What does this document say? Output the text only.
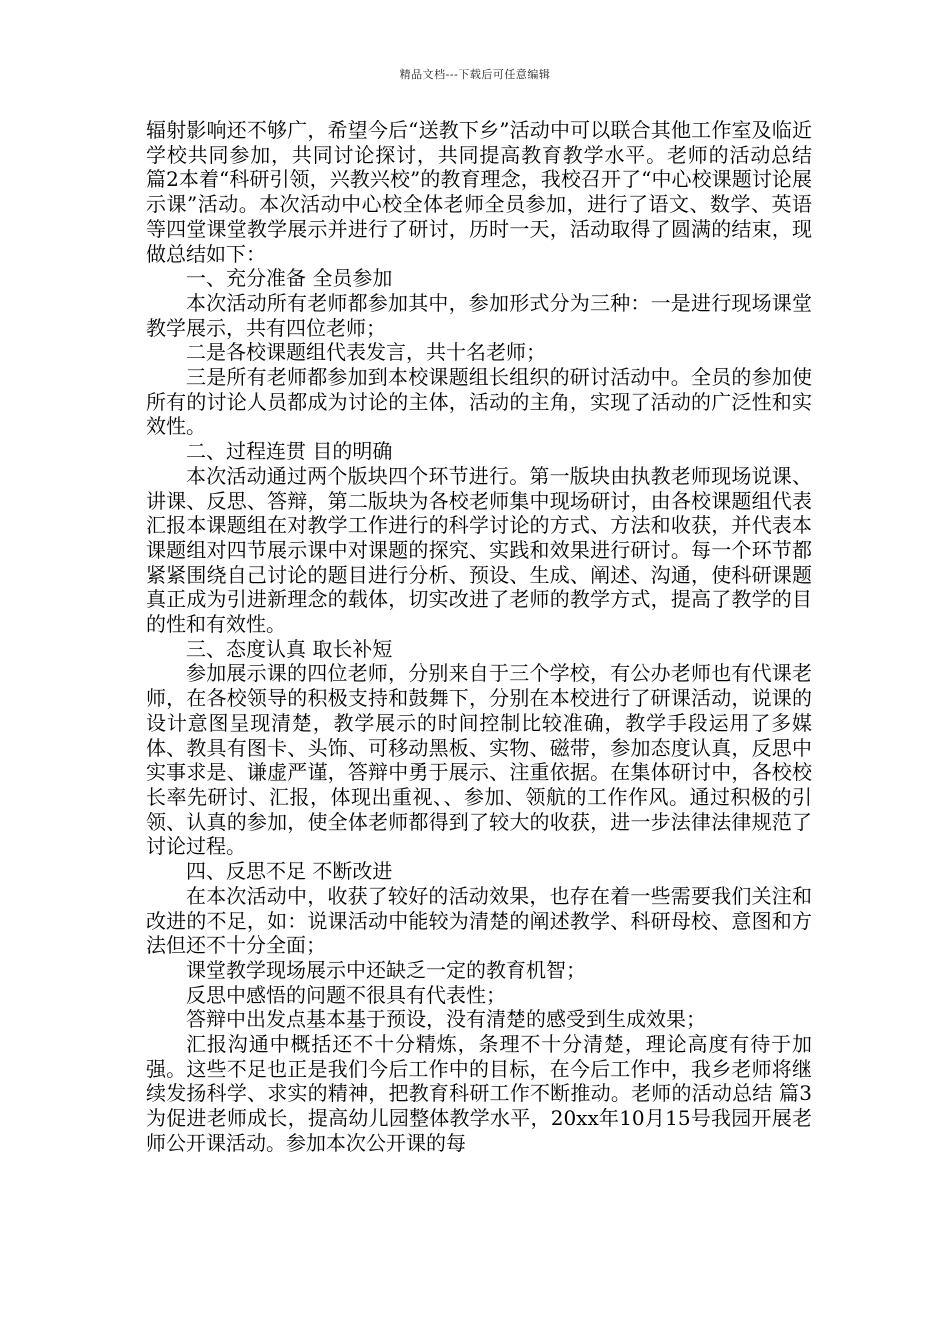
精品文档---下载后可任意编辑

辐射影响还不够广，希望今后“送教下乡”活动中可以联合其他工作室及临近学校共同参加，共同讨论探讨，共同提高教育教学水平。老师的活动总结 篇2本着“科研引领，兴教兴校”的教育理念，我校召开了“中心校课题讨论展示课”活动。本次活动中心校全体老师全员参加，进行了语文、数学、英语等四堂课堂教学展示并进行了研讨，历时一天，活动取得了圆满的结束，现做总结如下：

一、充分准备 全员参加

本次活动所有老师都参加其中，参加形式分为三种：一是进行现场课堂教学展示，共有四位老师；

二是各校课题组代表发言，共十名老师；

三是所有老师都参加到本校课题组长组织的研讨活动中。全员的参加使所有的讨论人员都成为讨论的主体，活动的主角，实现了活动的广泛性和实效性。

二、过程连贯 目的明确

本次活动通过两个版块四个环节进行。第一版块由执教老师现场说课、讲课、反思、答辩，第二版块为各校老师集中现场研讨，由各校课题组代表汇报本课题组在对教学工作进行的科学讨论的方式、方法和收获，并代表本课题组对四节展示课中对课题的探究、实践和效果进行研讨。每一个环节都紧紧围绕自己讨论的题目进行分析、预设、生成、阐述、沟通，使科研课题真正成为引进新理念的载体，切实改进了老师的教学方式，提高了教学的目的性和有效性。

三、态度认真 取长补短

参加展示课的四位老师，分别来自于三个学校，有公办老师也有代课老师，在各校领导的积极支持和鼓舞下，分别在本校进行了研课活动，说课的设计意图呈现清楚，教学展示的时间控制比较准确，教学手段运用了多媒体、教具有图卡、头饰、可移动黑板、实物、磁带，参加态度认真，反思中实事求是、谦虚严谨，答辩中勇于展示、注重依据。在集体研讨中，各校校长率先研讨、汇报，体现出重视、、参加、领航的工作作风。通过积极的引领、认真的参加，使全体老师都得到了较大的收获，进一步法律法律规范了讨论过程。

四、反思不足 不断改进

在本次活动中，收获了较好的活动效果，也存在着一些需要我们关注和改进的不足，如：说课活动中能较为清楚的阐述教学、科研母校、意图和方法但还不十分全面；

课堂教学现场展示中还缺乏一定的教育机智；

反思中感悟的问题不很具有代表性；

答辩中出发点基本基于预设，没有清楚的感受到生成效果；

汇报沟通中概括还不十分精炼，条理不十分清楚，理论高度有待于加强。这些不足也正是我们今后工作中的目标，在今后工作中，我乡老师将继续发扬科学、求实的精神，把教育科研工作不断推动。老师的活动总结 篇3为促进老师成长，提高幼儿园整体教学水平，20xx年10月15号我园开展老师公开课活动。参加本次公开课的每
